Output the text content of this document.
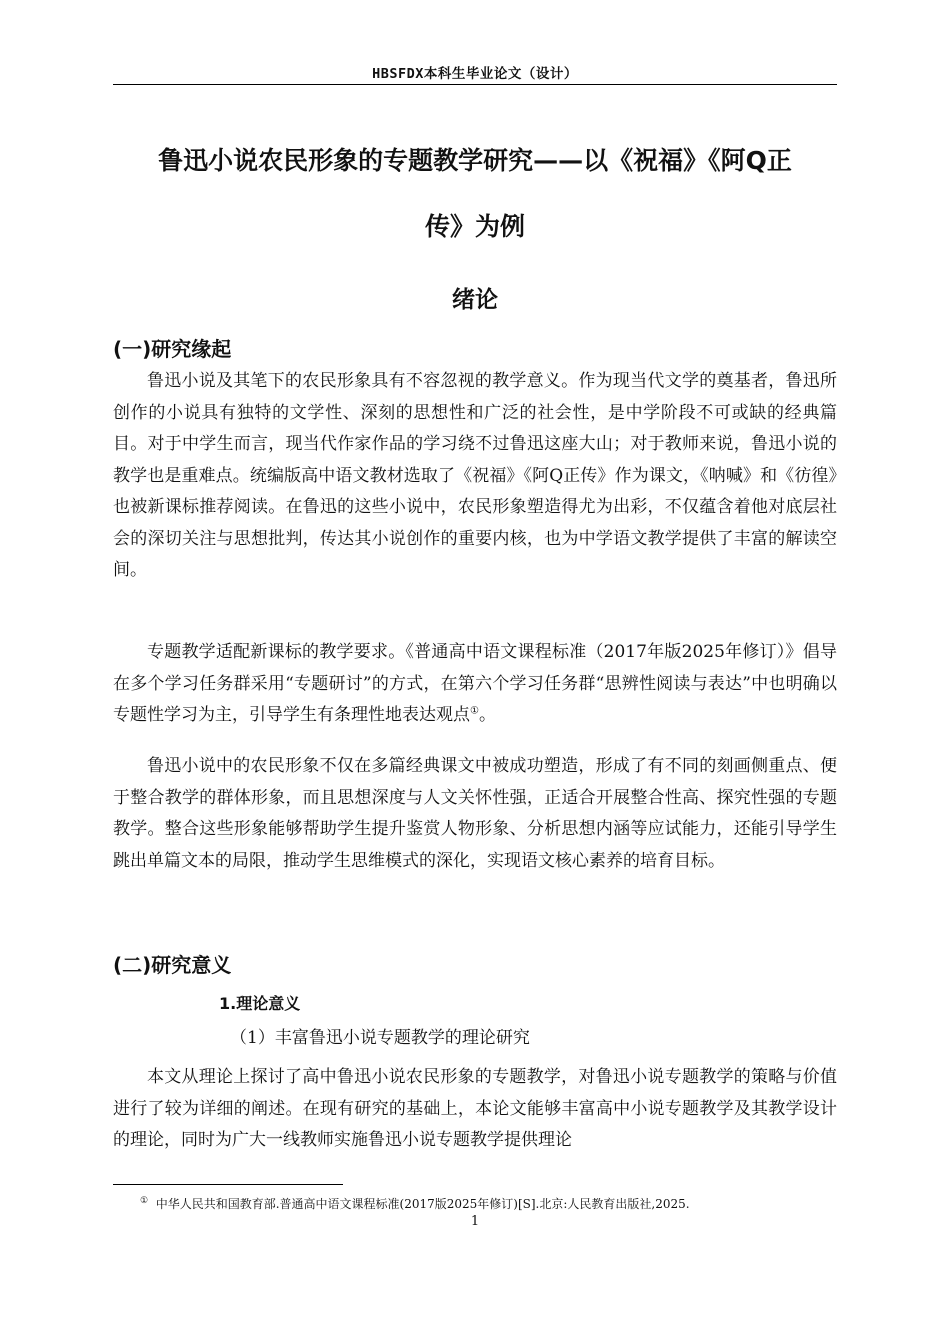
HBSFDX本科生毕业论文（设计）
鲁迅小说农民形象的专题教学研究——以《祝福》《阿Q正
传》为例
绪论
(一)研究缘起

鲁迅小说及其笔下的农民形象具有不容忽视的教学意义。作为现当代文学的奠基者，鲁迅所创作的小说具有独特的文学性、深刻的思想性和广泛的社会性，是中学阶段不可或缺的经典篇目。对于中学生而言，现当代作家作品的学习绕不过鲁迅这座大山；对于教师来说，鲁迅小说的教学也是重难点。统编版高中语文教材选取了《祝福》《阿Q正传》作为课文，《呐喊》和《彷徨》也被新课标推荐阅读。在鲁迅的这些小说中，农民形象塑造得尤为出彩，不仅蕴含着他对底层社会的深切关注与思想批判，传达其小说创作的重要内核，也为中学语文教学提供了丰富的解读空间。

专题教学适配新课标的教学要求。《普通高中语文课程标准（2017年版2025年修订）》倡导在多个学习任务群采用“专题研讨”的方式，在第六个学习任务群“思辨性阅读与表达”中也明确以专题性学习为主，引导学生有条理性地表达观点①。

鲁迅小说中的农民形象不仅在多篇经典课文中被成功塑造，形成了有不同的刻画侧重点、便于整合教学的群体形象，而且思想深度与人文关怀性强，正适合开展整合性高、探究性强的专题教学。整合这些形象能够帮助学生提升鉴赏人物形象、分析思想内涵等应试能力，还能引导学生跳出单篇文本的局限，推动学生思维模式的深化，实现语文核心素养的培育目标。

(二)研究意义

1.理论意义

（1）丰富鲁迅小说专题教学的理论研究

本文从理论上探讨了高中鲁迅小说农民形象的专题教学，对鲁迅小说专题教学的策略与价值进行了较为详细的阐述。在现有研究的基础上，本论文能够丰富高中小说专题教学及其教学设计的理论，同时为广大一线教师实施鲁迅小说专题教学提供理论

① 中华人民共和国教育部.普通高中语文课程标准(2017版2025年修订)[S].北京:人民教育出版社,2025.

1
